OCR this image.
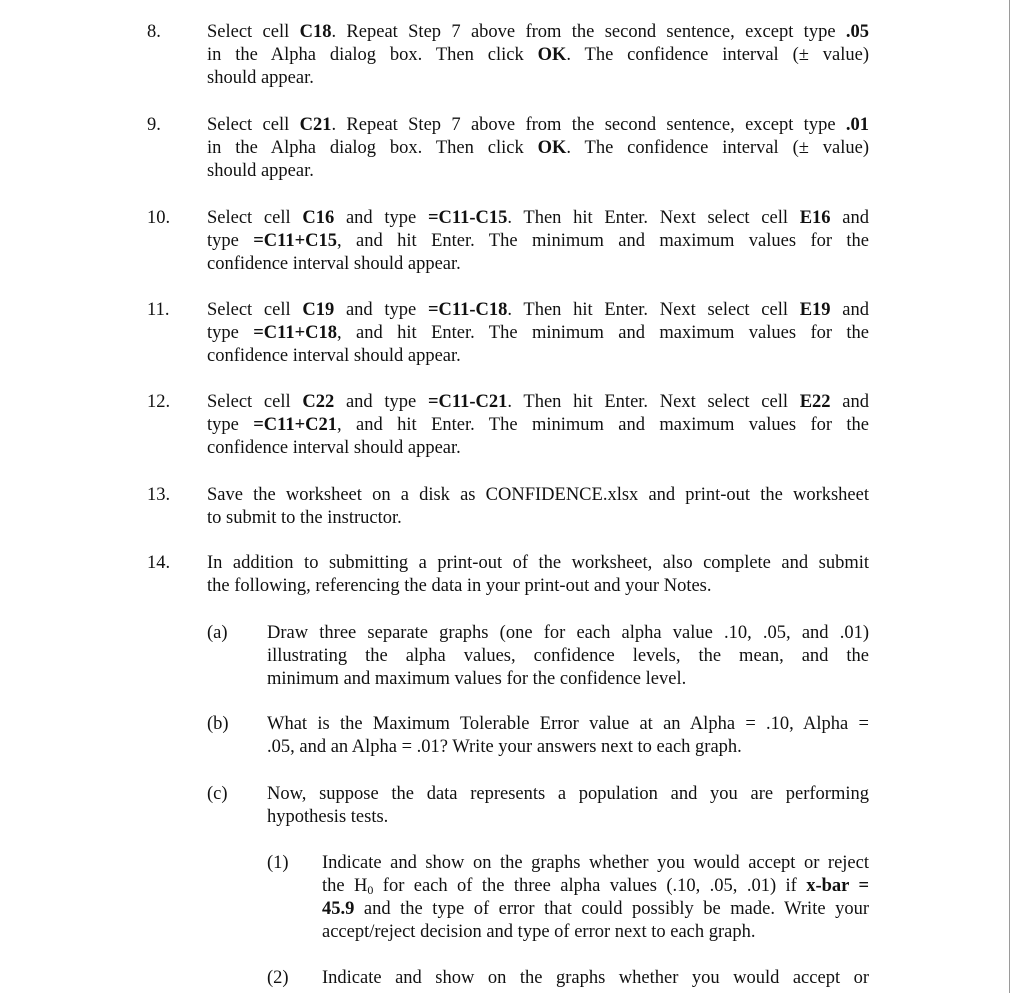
8. Select cell C18. Repeat Step 7 above from the second sentence, except type .05
in the Alpha dialog box. Then click OK. The confidence interval (± value)
should appear.
9. Select cell C21. Repeat Step 7 above from the second sentence, except type .01
in the Alpha dialog box. Then click OK. The confidence interval (± value)
should appear.
10. Select cell C16 and type =C11-C15. Then hit Enter. Next select cell E16 and
type =C11+C15, and hit Enter. The minimum and maximum values for the
confidence interval should appear.
11. Select cell C19 and type =C11-C18. Then hit Enter. Next select cell E19 and
type =C11+C18, and hit Enter. The minimum and maximum values for the
confidence interval should appear.
12. Select cell C22 and type =C11-C21. Then hit Enter. Next select cell E22 and
type =C11+C21, and hit Enter. The minimum and maximum values for the
confidence interval should appear.
13. Save the worksheet on a disk as CONFIDENCE.xlsx and print-out the worksheet
to submit to the instructor.
14. In addition to submitting a print-out of the worksheet, also complete and submit
the following, referencing the data in your print-out and your Notes.
(a) Draw three separate graphs (one for each alpha value .10, .05, and .01)
illustrating the alpha values, confidence levels, the mean, and the
minimum and maximum values for the confidence level.
(b) What is the Maximum Tolerable Error value at an Alpha = .10, Alpha =
.05, and an Alpha = .01? Write your answers next to each graph.
(c) Now, suppose the data represents a population and you are performing
hypothesis tests.
(1) Indicate and show on the graphs whether you would accept or reject
the $H_0$ for each of the three alpha values (.10, .05, .01) if x-bar =
45.9 and the type of error that could possibly be made. Write your
accept/reject decision and type of error next to each graph.
(2) Indicate and show on the graphs whether you would accept or
